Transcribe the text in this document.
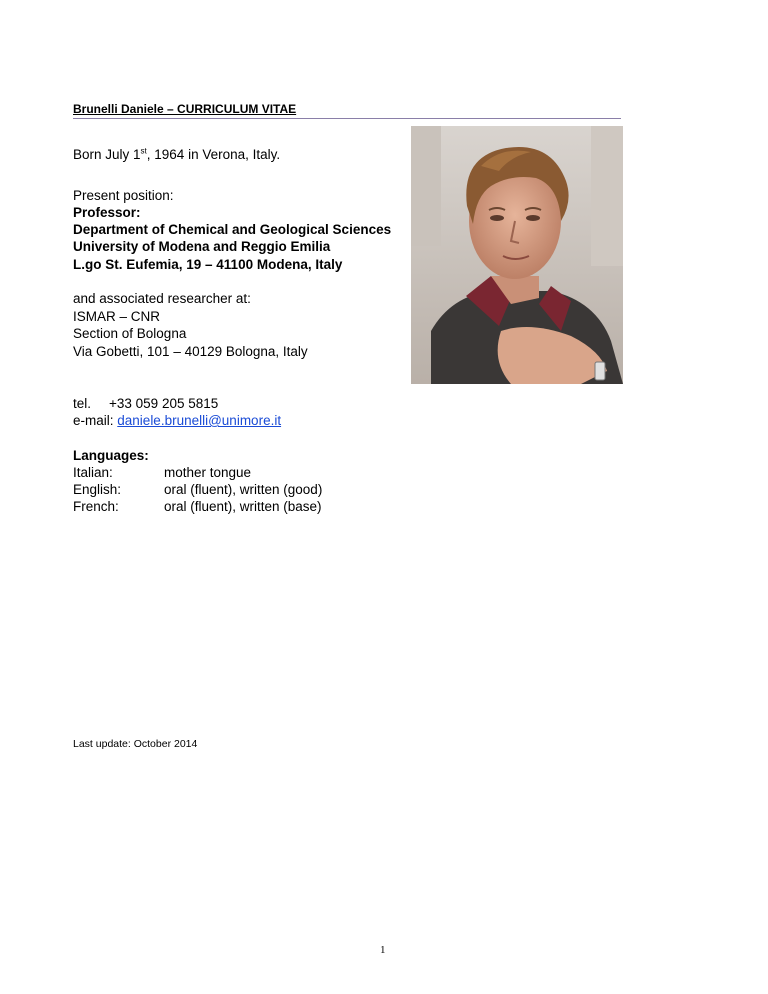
Brunelli Daniele – CURRICULUM VITAE
Born July 1st, 1964 in Verona, Italy.
Present position:
Professor:
Department of Chemical and Geological Sciences
University of Modena and Reggio Emilia
L.go St. Eufemia, 19 – 41100 Modena, Italy
and associated researcher at:
ISMAR – CNR
Section of Bologna
Via Gobetti, 101 – 40129 Bologna, Italy
tel. +33 059 205 5815
e-mail: daniele.brunelli@unimore.it
Languages:
Italian:	mother tongue
English:	oral (fluent), written (good)
French:	oral (fluent), written (base)
Last update: October 2014
1
